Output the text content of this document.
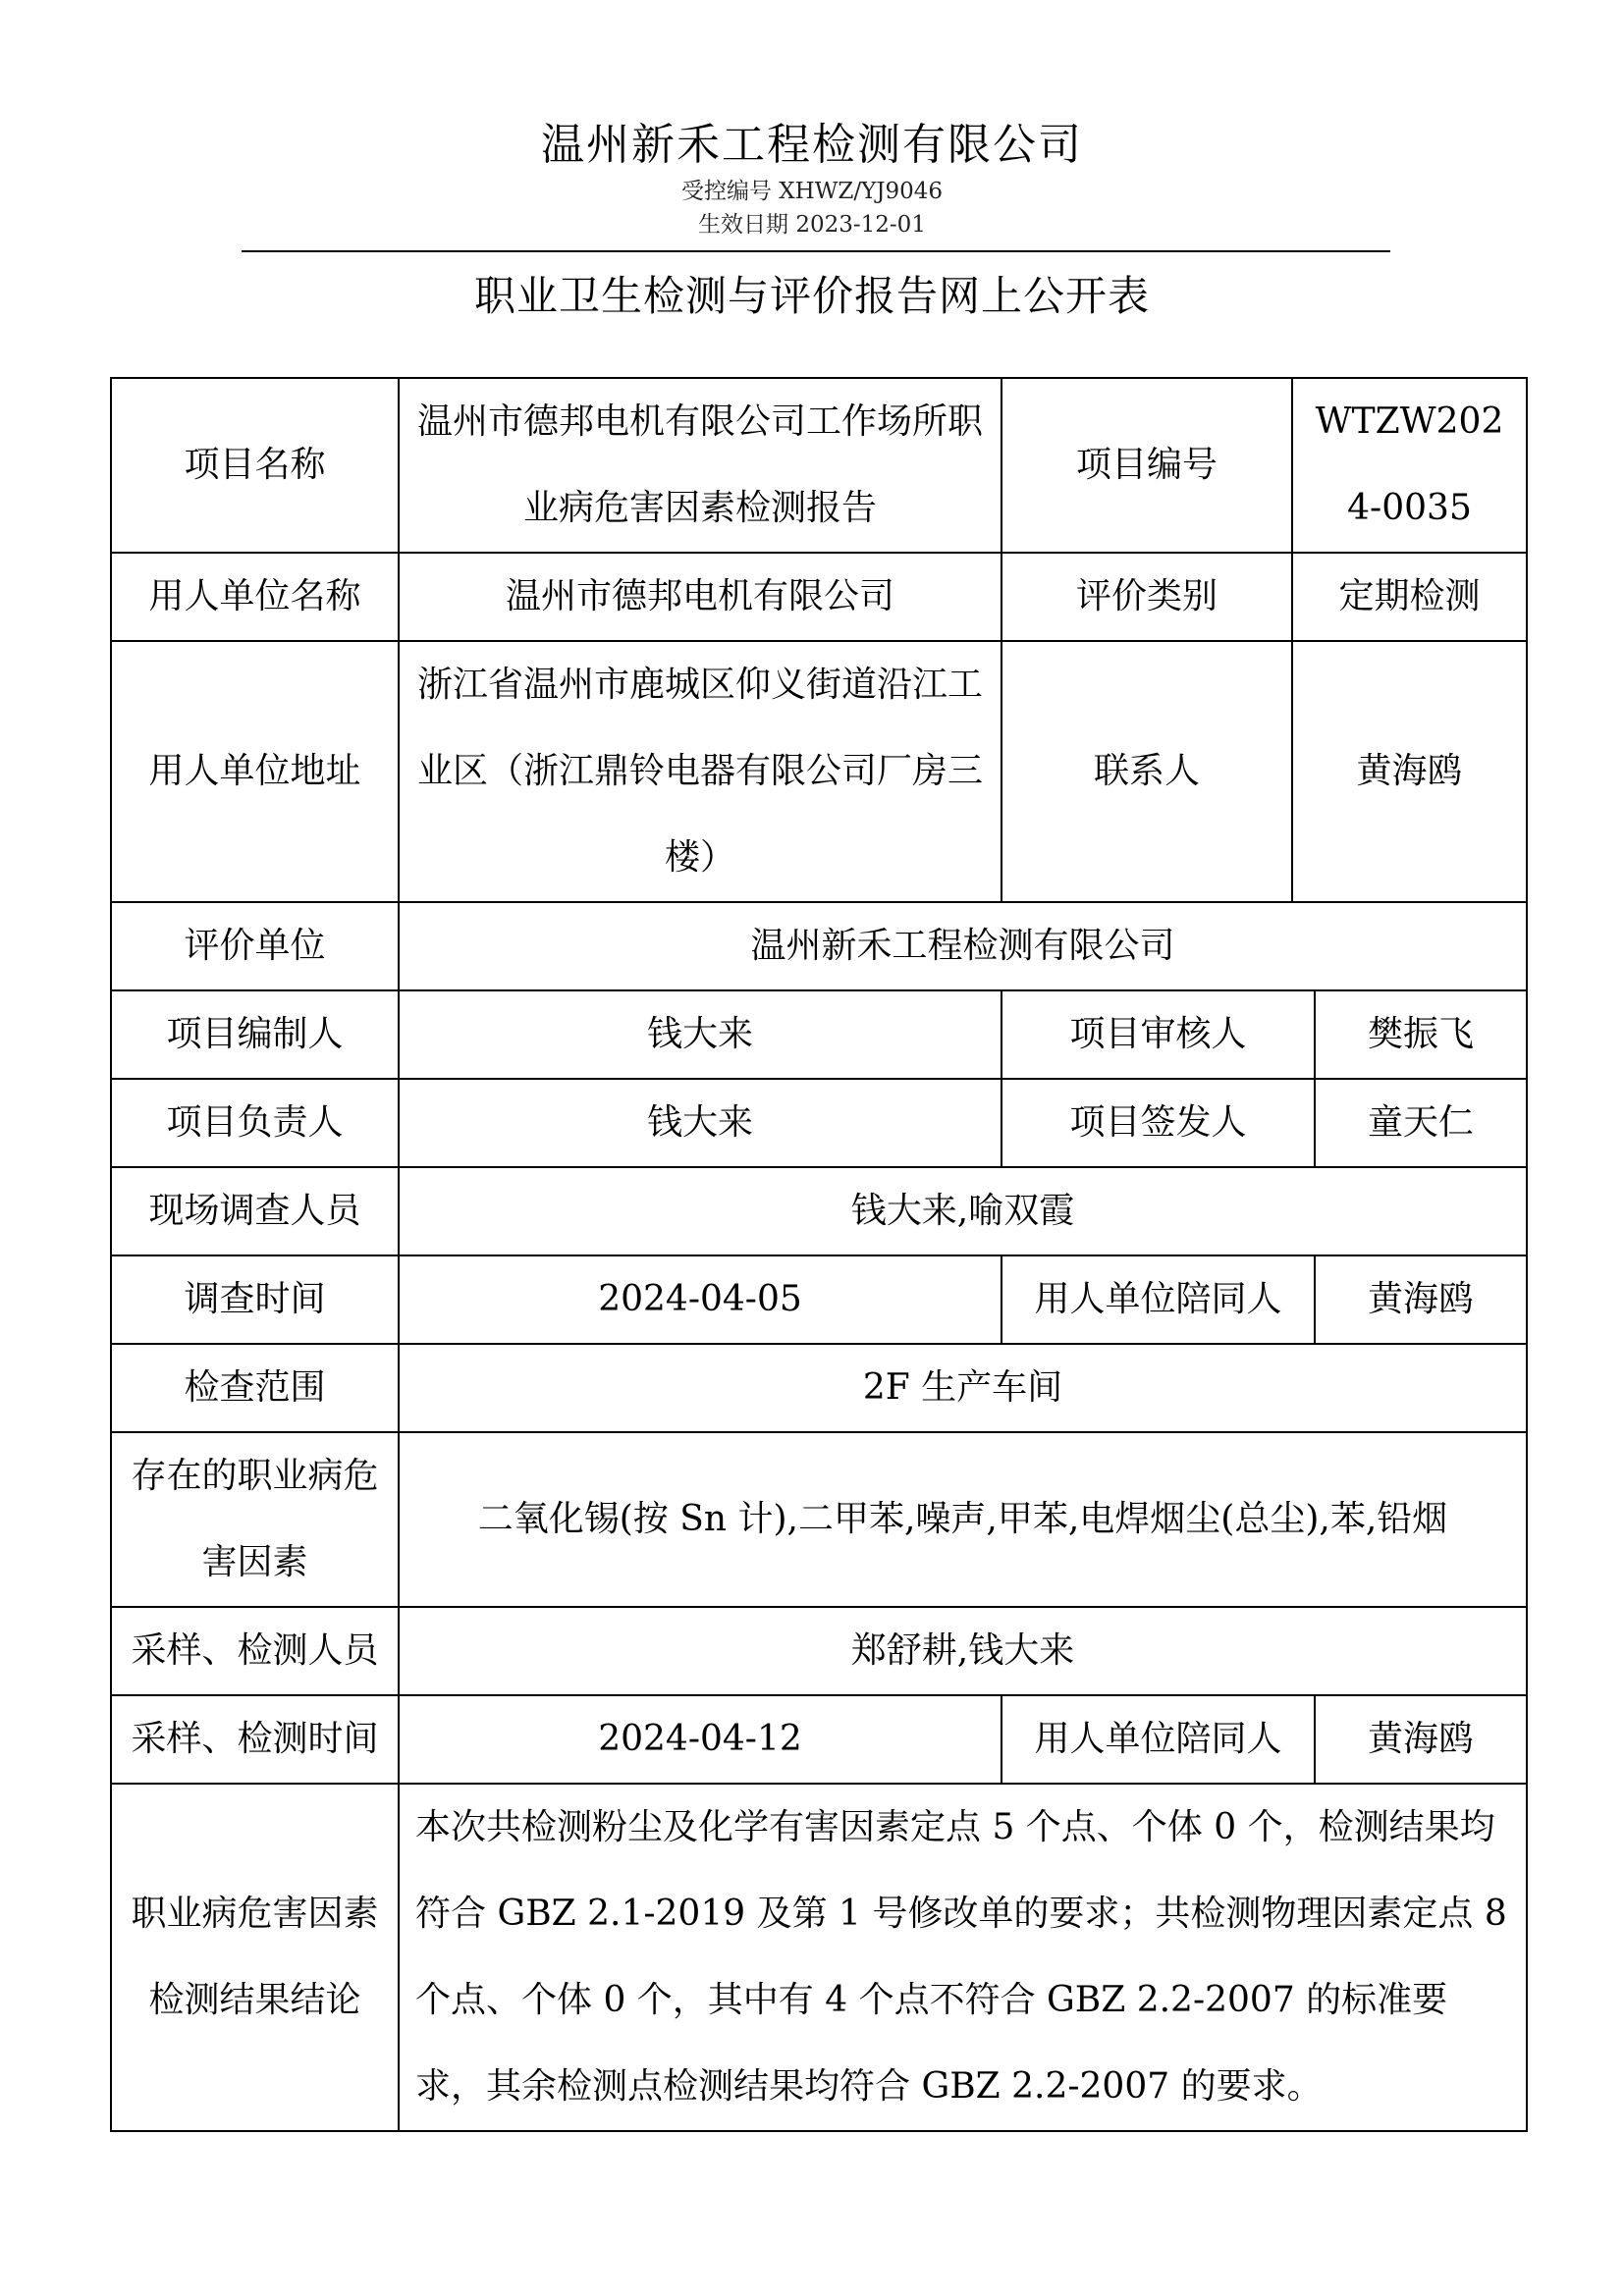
温州新禾工程检测有限公司
受控编号 XHWZ/YJ9046
生效日期 2023-12-01
职业卫生检测与评价报告网上公开表
项目名称	温州市德邦电机有限公司工作场所职业病危害因素检测报告	项目编号	WTZW2024-0035	
用人单位名称	温州市德邦电机有限公司	评价类别	定期检测	
用人单位地址	浙江省温州市鹿城区仰义街道沿江工业区（浙江鼎铃电器有限公司厂房三楼）	联系人	黄海鸥	
评价单位	温州新禾工程检测有限公司			
项目编制人	钱大来	项目审核人		樊振飞
项目负责人	钱大来	项目签发人		童天仁
现场调查人员	钱大来,喻双霞			
调查时间	2024-04-05	用人单位陪同人		黄海鸥
检查范围	2F 生产车间			
存在的职业病危害因素	二氧化锡(按 Sn 计),二甲苯,噪声,甲苯,电焊烟尘(总尘),苯,铅烟			
采样、检测人员	郑舒耕,钱大来			
采样、检测时间	2024-04-12	用人单位陪同人		黄海鸥
职业病危害因素检测结果结论	本次共检测粉尘及化学有害因素定点 5 个点、个体 0 个，检测结果均符合 GBZ 2.1-2019 及第 1 号修改单的要求；共检测物理因素定点 8 个点、个体 0 个，其中有 4 个点不符合 GBZ 2.2-2007 的标准要求，其余检测点检测结果均符合 GBZ 2.2-2007 的要求。			
